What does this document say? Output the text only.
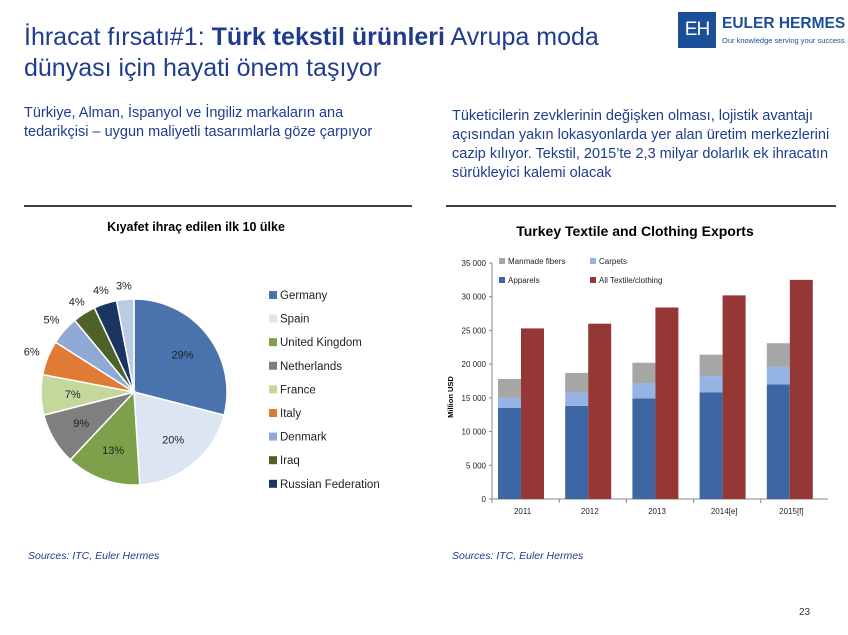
İhracat fırsatı#1: Türk tekstil ürünleri Avrupa moda dünyası için hayati önem taşıyor
EH EULER HERMES
Our knowledge serving your success
Türkiye, Alman, İspanyol ve İngiliz markaların ana tedarikçisi – uygun maliyetli tasarımlarla göze çarpıyor
Tüketicilerin zevklerinin değişken olması, lojistik avantajı açısından yakın lokasyonlarda yer alan üretim merkezlerini cazip kılıyor. Tekstil, 2015’te 2,3 milyar dolarlık ek ihracatın sürükleyici kalemi olacak
Kıyafet ihraç edilen ilk 10 ülke
29%
20%
13%
9%
7%
6%
5%
4%
4% 3%
Germany
Spain
United Kingdom
Netherlands
France
Italy
Denmark
Iraq
Russian Federation
Turkey Textile and Clothing Exports
Manmade fibers	Carpets
Apparels	All Textile/clothing
0
5 000
10 000
15 000
20 000
25 000
30 000
35 000
2011	2012	2013	2014[e]	2015[f]
Million USD
Sources: ITC, Euler Hermes	Sources: ITC, Euler Hermes
23
